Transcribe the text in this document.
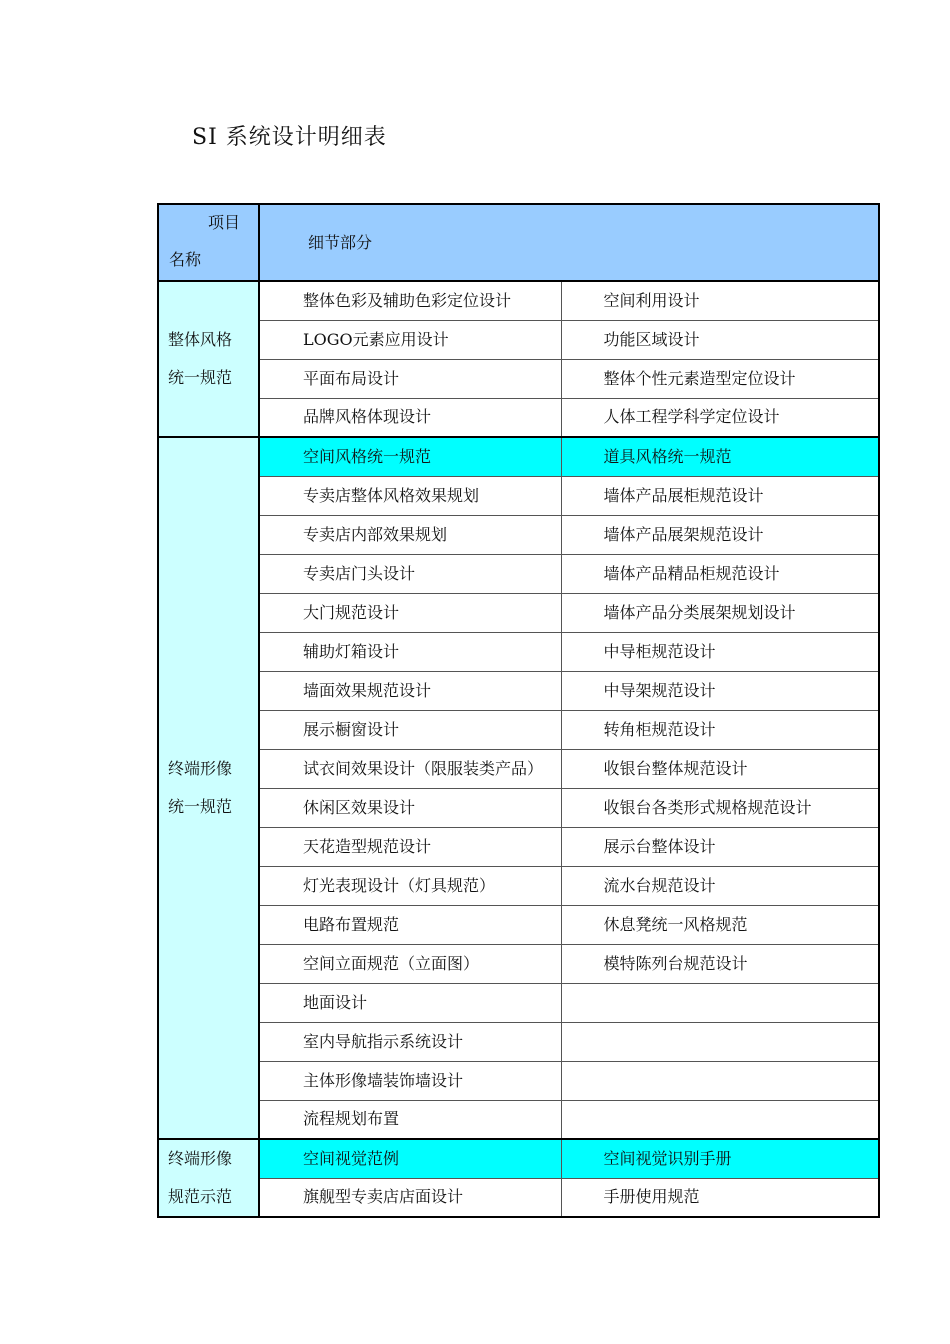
SI 系统设计明细表
项目
名称	细节部分	
整体风格
统一规范	整体色彩及辅助色彩定位设计	空间利用设计
	LOGO元素应用设计	功能区域设计
	平面布局设计	整体个性元素造型定位设计
	品牌风格体现设计	人体工程学科学定位设计
终端形像
统一规范	空间风格统一规范	道具风格统一规范
	专卖店整体风格效果规划	墙体产品展柜规范设计
	专卖店内部效果规划	墙体产品展架规范设计
	专卖店门头设计	墙体产品精品柜规范设计
	大门规范设计	墙体产品分类展架规划设计
	辅助灯箱设计	中导柜规范设计
	墙面效果规范设计	中导架规范设计
	展示橱窗设计	转角柜规范设计
	试衣间效果设计（限服装类产品）	收银台整体规范设计
	休闲区效果设计	收银台各类形式规格规范设计
	天花造型规范设计	展示台整体设计
	灯光表现设计（灯具规范）	流水台规范设计
	电路布置规范	休息凳统一风格规范
	空间立面规范（立面图）	模特陈列台规范设计
	地面设计	
	室内导航指示系统设计	
	主体形像墙装饰墙设计	
	流程规划布置	
终端形像
规范示范	空间视觉范例	空间视觉识别手册
	旗舰型专卖店店面设计	手册使用规范
